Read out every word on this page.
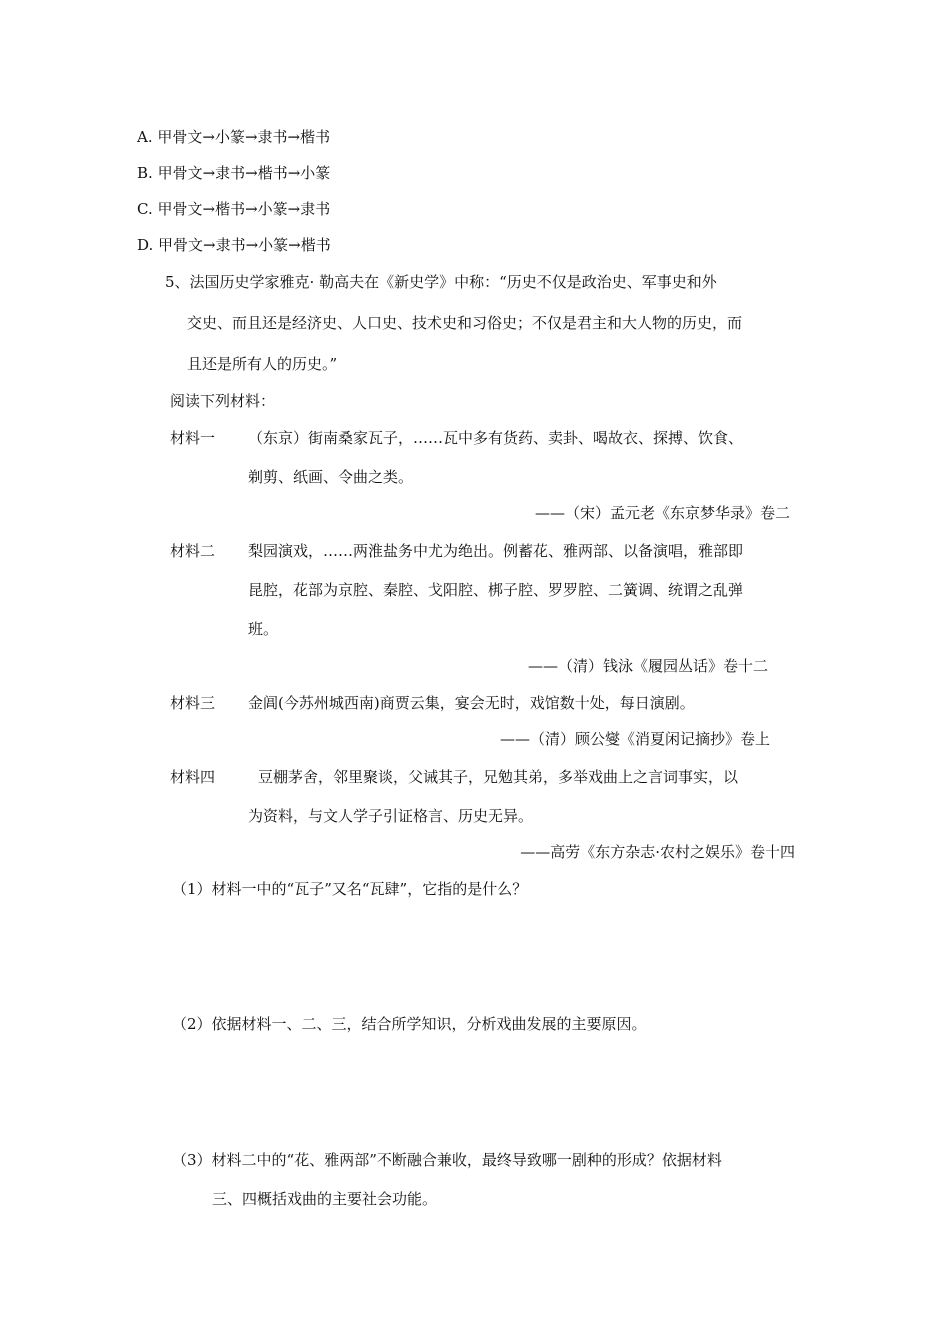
A. 甲骨文→小篆→隶书→楷书
B. 甲骨文→隶书→楷书→小篆
C. 甲骨文→楷书→小篆→隶书
D. 甲骨文→隶书→小篆→楷书
5、法国历史学家雅克· 勒高夫在《新史学》中称：“历史不仅是政治史、军事史和外
交史、而且还是经济史、人口史、技术史和习俗史；不仅是君主和大人物的历史，而
且还是所有人的历史。”
阅读下列材料：
材料一 （东京）街南桑家瓦子，……瓦中多有货药、卖卦、喝故衣、探搏、饮食、
剃剪、纸画、令曲之类。
——（宋）孟元老《东京梦华录》卷二
材料二 梨园演戏，……两淮盐务中尤为绝出。例蓄花、雅两部、以备演唱，雅部即
昆腔，花部为京腔、秦腔、戈阳腔、梆子腔、罗罗腔、二簧调、统谓之乱弹
班。
——（清）钱泳《履园丛话》卷十二
材料三 金阊(今苏州城西南)商贾云集，宴会无时，戏馆数十处，每日演剧。
——（清）顾公燮《消夏闲记摘抄》卷上
材料四	豆棚茅舍，邻里聚谈，父诫其子，兄勉其弟，多举戏曲上之言词事实，以
为资料，与文人学子引证格言、历史无异。
——高劳《东方杂志·农村之娱乐》卷十四
（1）材料一中的“瓦子”又名“瓦肆”，它指的是什么？
（2）依据材料一、二、三，结合所学知识，分析戏曲发展的主要原因。
（3）材料二中的“花、雅两部”不断融合兼收，最终导致哪一剧种的形成？依据材料
三、四概括戏曲的主要社会功能。
